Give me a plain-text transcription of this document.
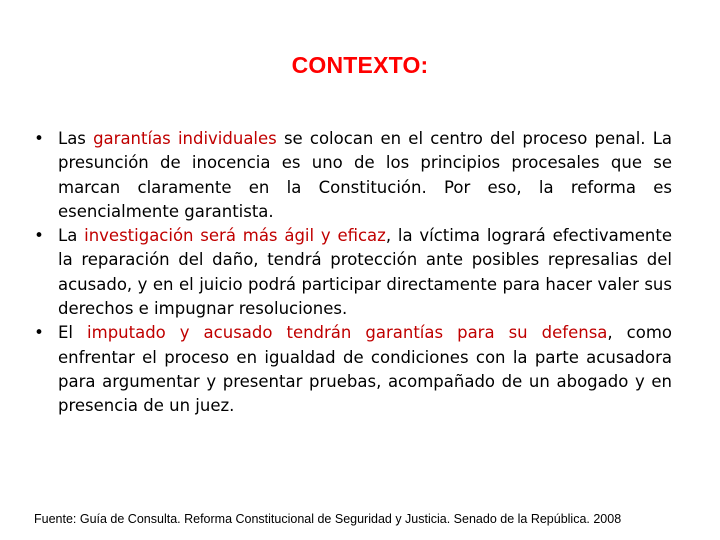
CONTEXTO:
• Las garantías individuales se colocan en el centro del proceso penal. La presunción de inocencia es uno de los principios procesales que se marcan claramente en la Constitución. Por eso, la reforma es esencialmente garantista.
• La investigación será más ágil y eficaz, la víctima logrará efectivamente la reparación del daño, tendrá protección ante posibles represalias del acusado, y en el juicio podrá participar directamente para hacer valer sus derechos e impugnar resoluciones.
• El imputado y acusado tendrán garantías para su defensa, como enfrentar el proceso en igualdad de condiciones con la parte acusadora para argumentar y presentar pruebas, acompañado de un abogado y en presencia de un juez.
Fuente: Guía de Consulta. Reforma Constitucional de Seguridad y Justicia. Senado de la República. 2008
